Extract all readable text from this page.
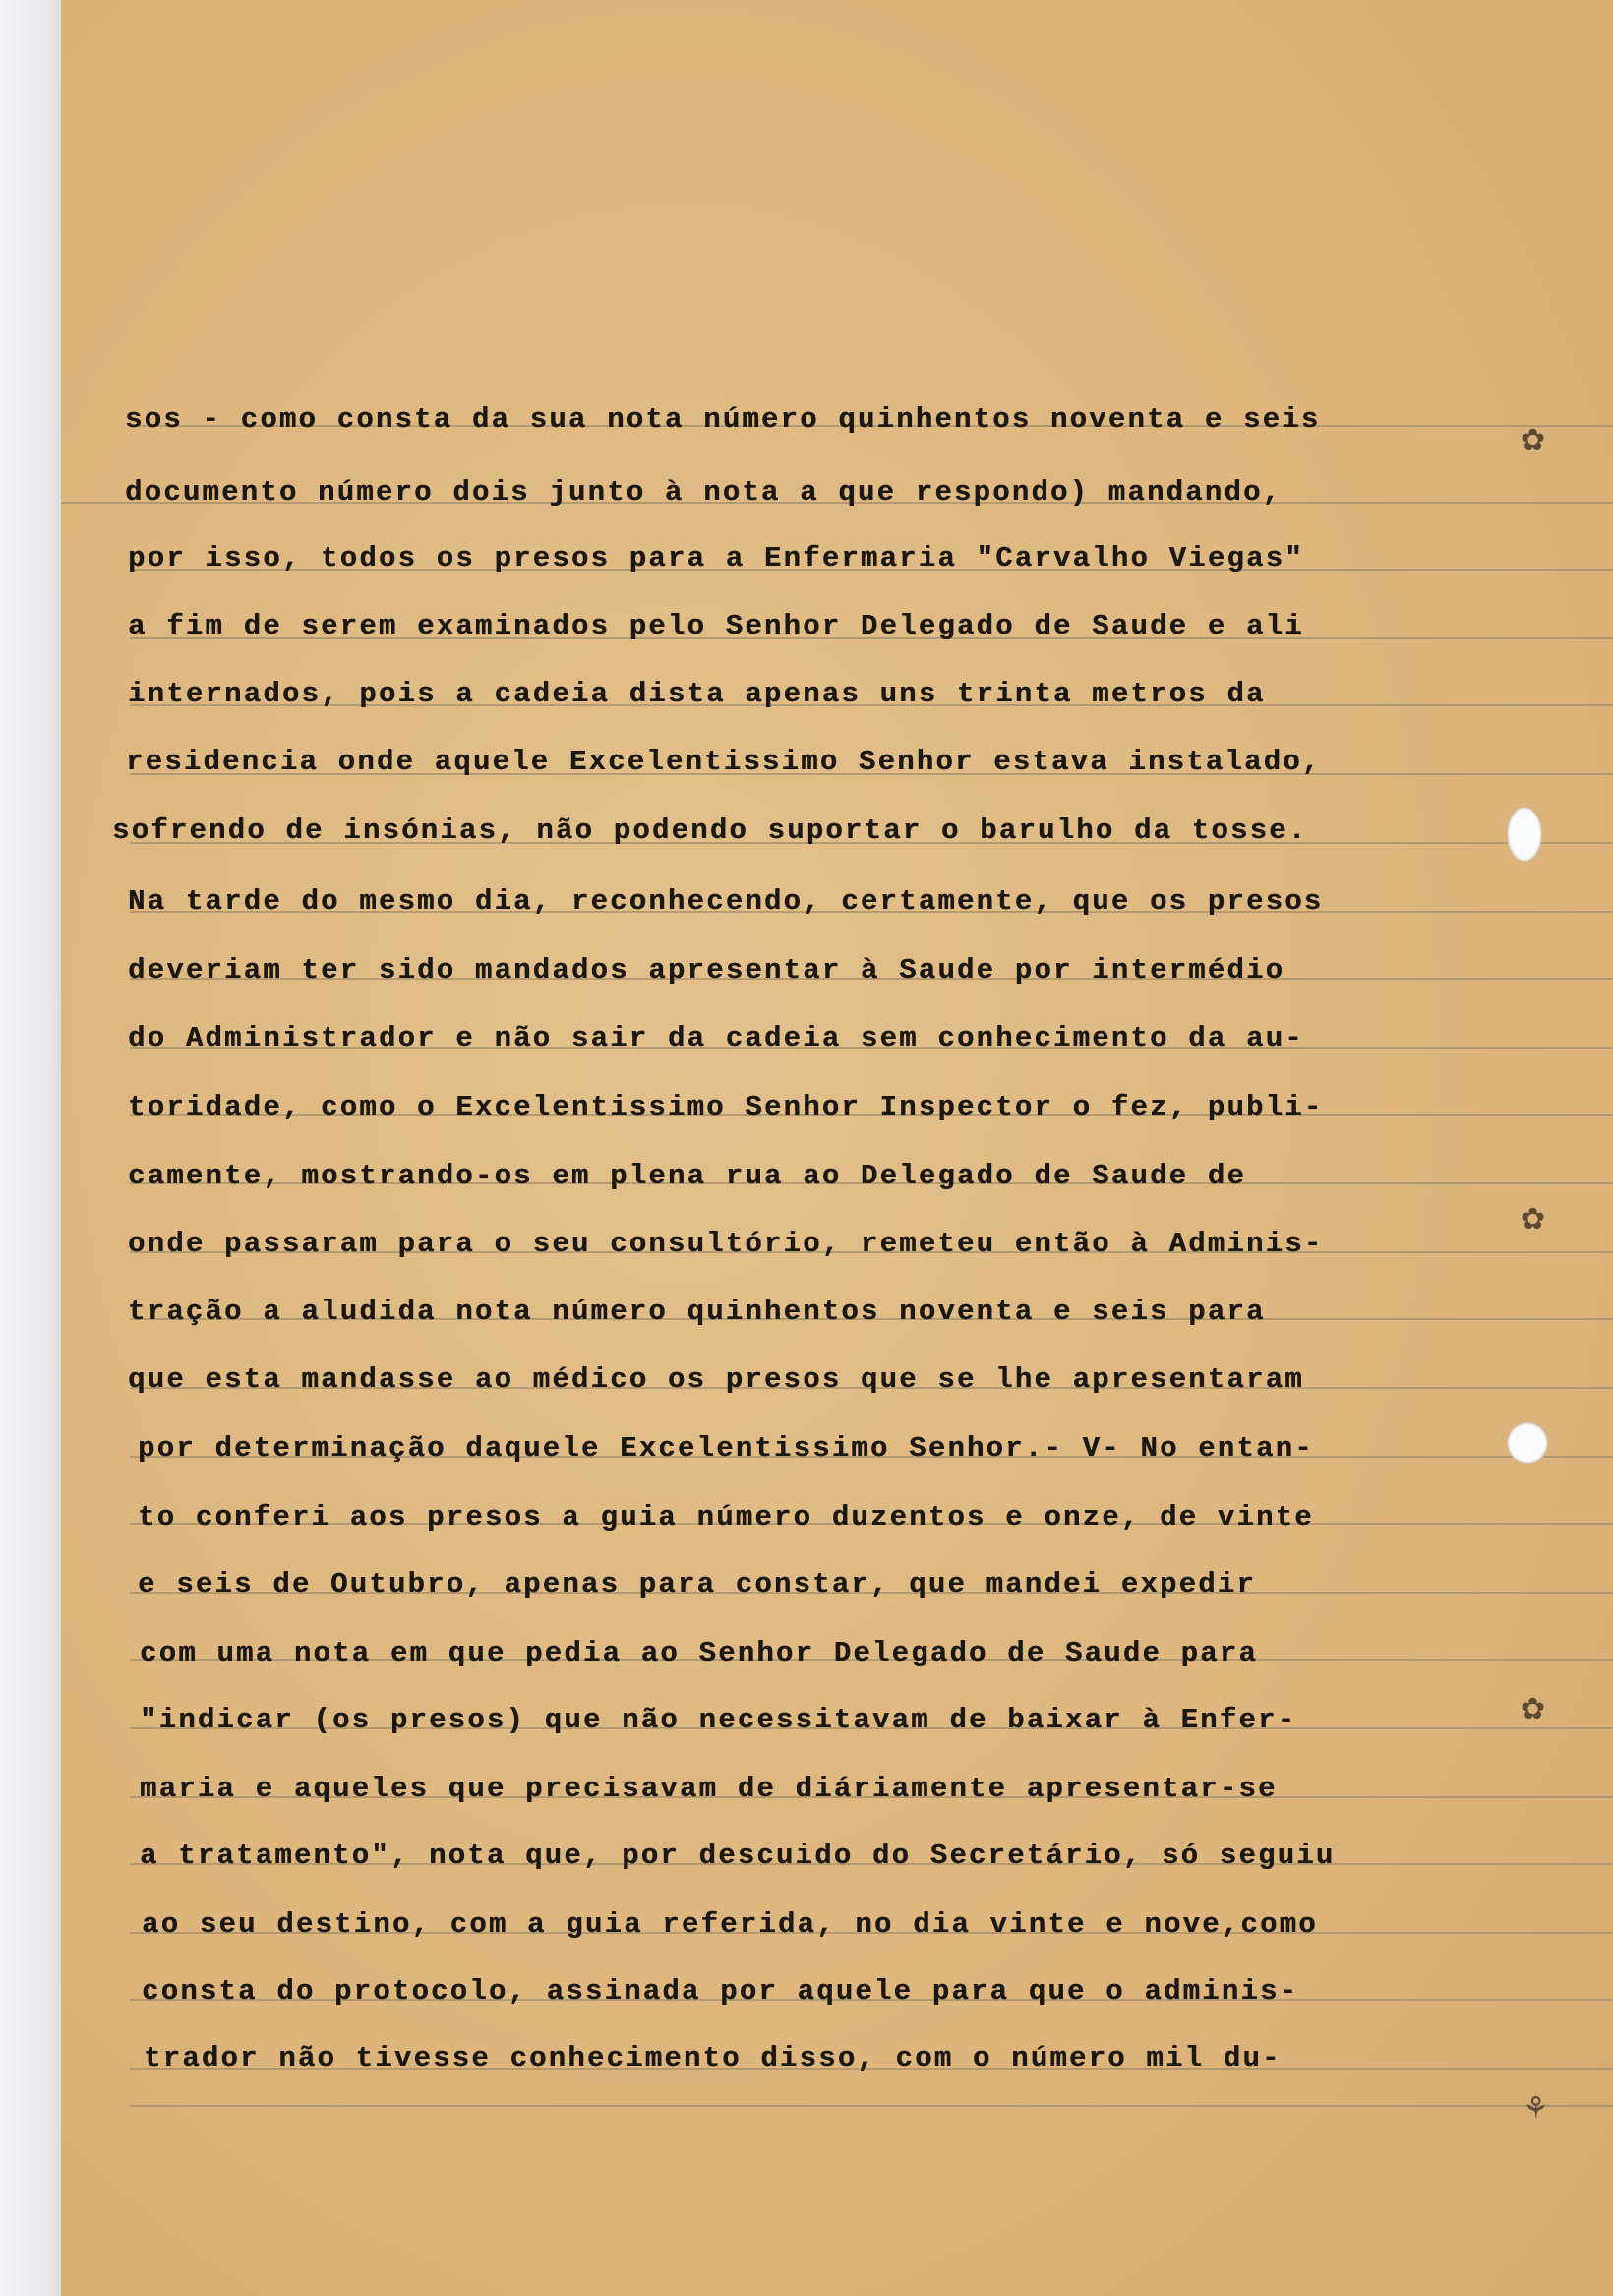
sos - como consta da sua nota número quinhentos noventa e seis
documento número dois junto à nota a que respondo) mandando,
por isso, todos os presos para a Enfermaria "Carvalho Viegas"
a fim de serem examinados pelo Senhor Delegado de Saude e ali
internados, pois a cadeia dista apenas uns trinta metros da
residencia onde aquele Excelentissimo Senhor estava instalado,
sofrendo de insónias, não podendo suportar o barulho da tosse.
Na tarde do mesmo dia, reconhecendo, certamente, que os presos
deveriam ter sido mandados apresentar à Saude por intermédio
do Administrador e não sair da cadeia sem conhecimento da au-
toridade, como o Excelentissimo Senhor Inspector o fez, publi-
camente, mostrando-os em plena rua ao Delegado de Saude de
onde passaram para o seu consultório, remeteu então à Adminis-
tração a aludida nota número quinhentos noventa e seis para
que esta mandasse ao médico os presos que se lhe apresentaram
por determinação daquele Excelentissimo Senhor.- V- No entan-
to conferi aos presos a guia número duzentos e onze, de vinte
e seis de Outubro, apenas para constar, que mandei expedir
com uma nota em que pedia ao Senhor Delegado de Saude para
"indicar (os presos) que não necessitavam de baixar à Enfer-
maria e aqueles que precisavam de diáriamente apresentar-se
a tratamento", nota que, por descuido do Secretário, só seguiu
ao seu destino, com a guia referida, no dia vinte e nove,como
consta do protocolo, assinada por aquele para que o adminis-
trador não tivesse conhecimento disso, com o número mil du-
✿
✿
✿
⚘
